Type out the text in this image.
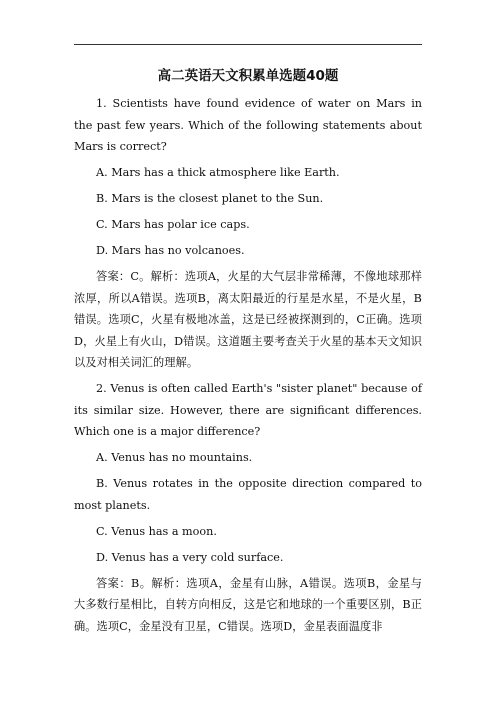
高二英语天文积累单选题40题

1. Scientists have found evidence of water on Mars in the past few years. Which of the following statements about Mars is correct?

A. Mars has a thick atmosphere like Earth.

B. Mars is the closest planet to the Sun.

C. Mars has polar ice caps.

D. Mars has no volcanoes.

答案：C。解析：选项A，火星的大气层非常稀薄，不像地球那样浓厚，所以A错误。选项B，离太阳最近的行星是水星，不是火星，B错误。选项C，火星有极地冰盖，这是已经被探测到的，C正确。选项D，火星上有火山，D错误。这道题主要考查关于火星的基本天文知识以及对相关词汇的理解。

2. Venus is often called Earth's "sister planet" because of its similar size. However, there are significant differences. Which one is a major difference?

A. Venus has no mountains.

B. Venus rotates in the opposite direction compared to most planets.

C. Venus has a moon.

D. Venus has a very cold surface.

答案：B。解析：选项A，金星有山脉，A错误。选项B，金星与大多数行星相比，自转方向相反，这是它和地球的一个重要区别，B正确。选项C，金星没有卫星，C错误。选项D，金星表面温度非
